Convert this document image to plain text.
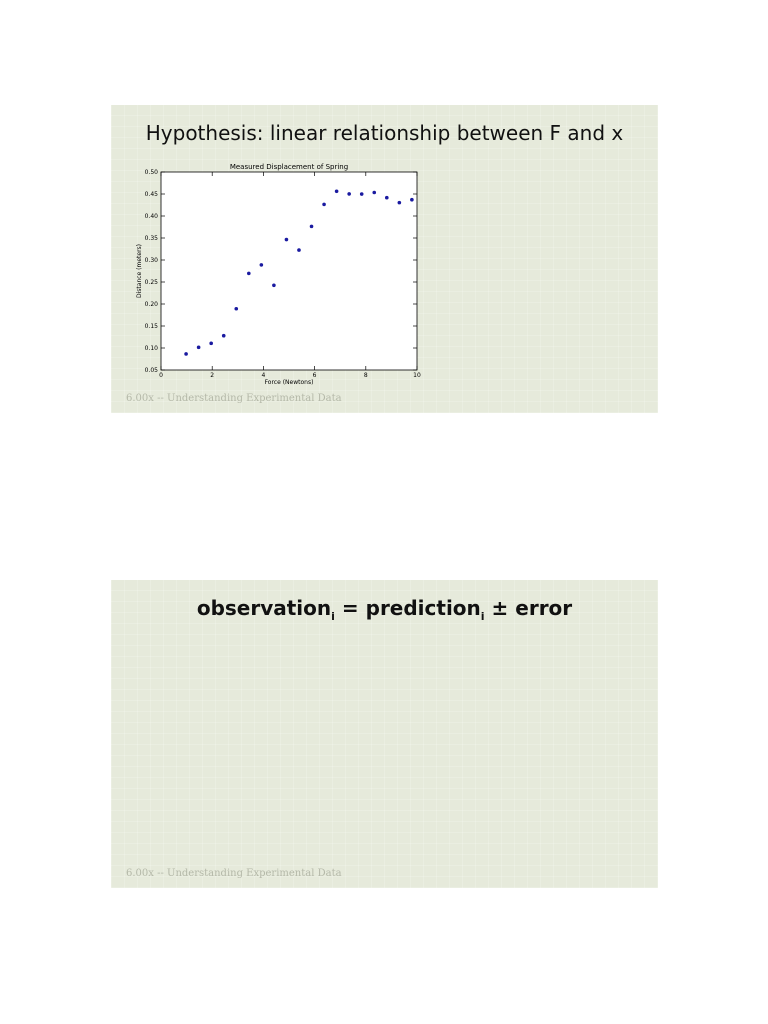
Hypothesis: linear relationship between F and x
Measured Displacement of Spring
Force (Newtons)
Distance (meters)
0	2	4	6	8	10
0.05
0.10
0.15
0.20
0.25
0.30
0.35
0.40
0.45
0.50
6.00x -- Understanding Experimental Data
observation$_i$ = prediction$_i$ ± error
6.00x -- Understanding Experimental Data
